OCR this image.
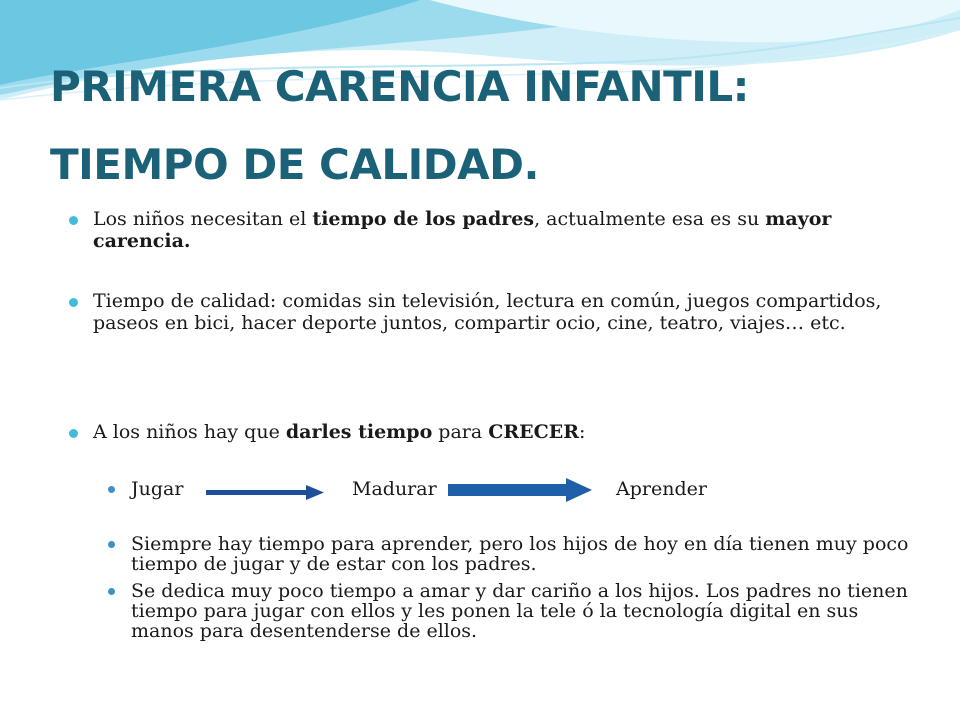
PRIMERA CARENCIA INFANTIL: TIEMPO DE CALIDAD.
Los niños necesitan el tiempo de los padres, actualmente esa es su mayor carencia.
Tiempo de calidad: comidas sin televisión, lectura en común, juegos compartidos, paseos en bici, hacer deporte juntos, compartir ocio, cine, teatro, viajes… etc.
A los niños hay que darles tiempo para CRECER:
Jugar	Madurar	Aprender
Siempre hay tiempo para aprender, pero los hijos de hoy en día tienen muy poco tiempo de jugar y de estar con los padres.
Se dedica muy poco tiempo a amar y dar cariño a los hijos. Los padres no tienen tiempo para jugar con ellos y les ponen la tele ó la tecnología digital en sus manos para desentenderse de ellos.
